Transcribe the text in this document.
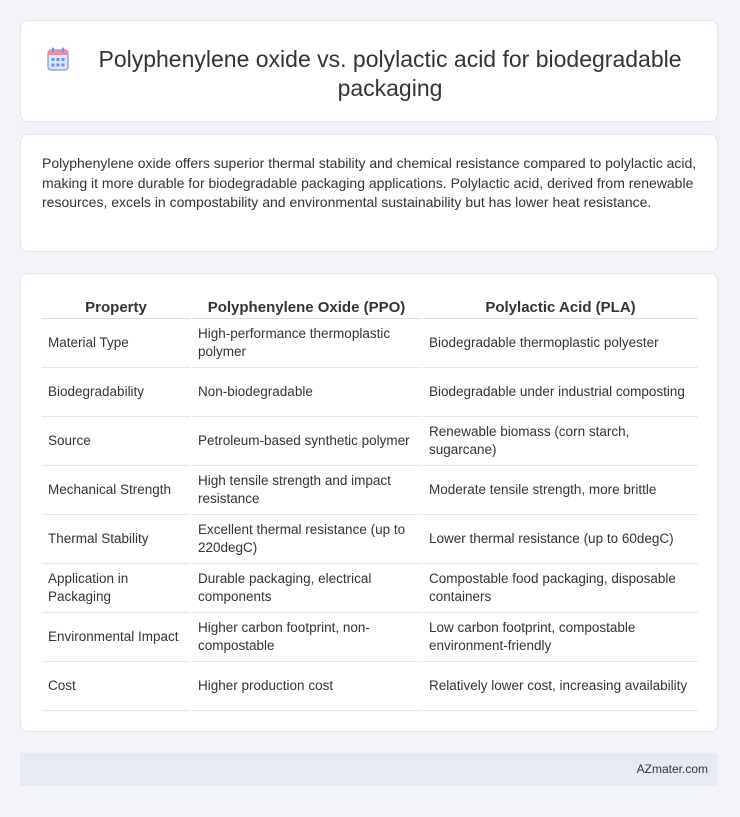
Polyphenylene oxide vs. polylactic acid for biodegradable packaging

Polyphenylene oxide offers superior thermal stability and chemical resistance compared to polylactic acid, making it more durable for biodegradable packaging applications. Polylactic acid, derived from renewable resources, excels in compostability and environmental sustainability but has lower heat resistance.

Property	Polyphenylene Oxide (PPO)	Polylactic Acid (PLA)
Material Type	High-performance thermoplastic polymer	Biodegradable thermoplastic polyester
Biodegradability	Non-biodegradable	Biodegradable under industrial composting
Source	Petroleum-based synthetic polymer	Renewable biomass (corn starch, sugarcane)
Mechanical Strength	High tensile strength and impact resistance	Moderate tensile strength, more brittle
Thermal Stability	Excellent thermal resistance (up to 220degC)	Lower thermal resistance (up to 60degC)
Application in Packaging	Durable packaging, electrical components	Compostable food packaging, disposable containers
Environmental Impact	Higher carbon footprint, non-compostable	Low carbon footprint, compostable environment-friendly
Cost	Higher production cost	Relatively lower cost, increasing availability
AZmater.com
